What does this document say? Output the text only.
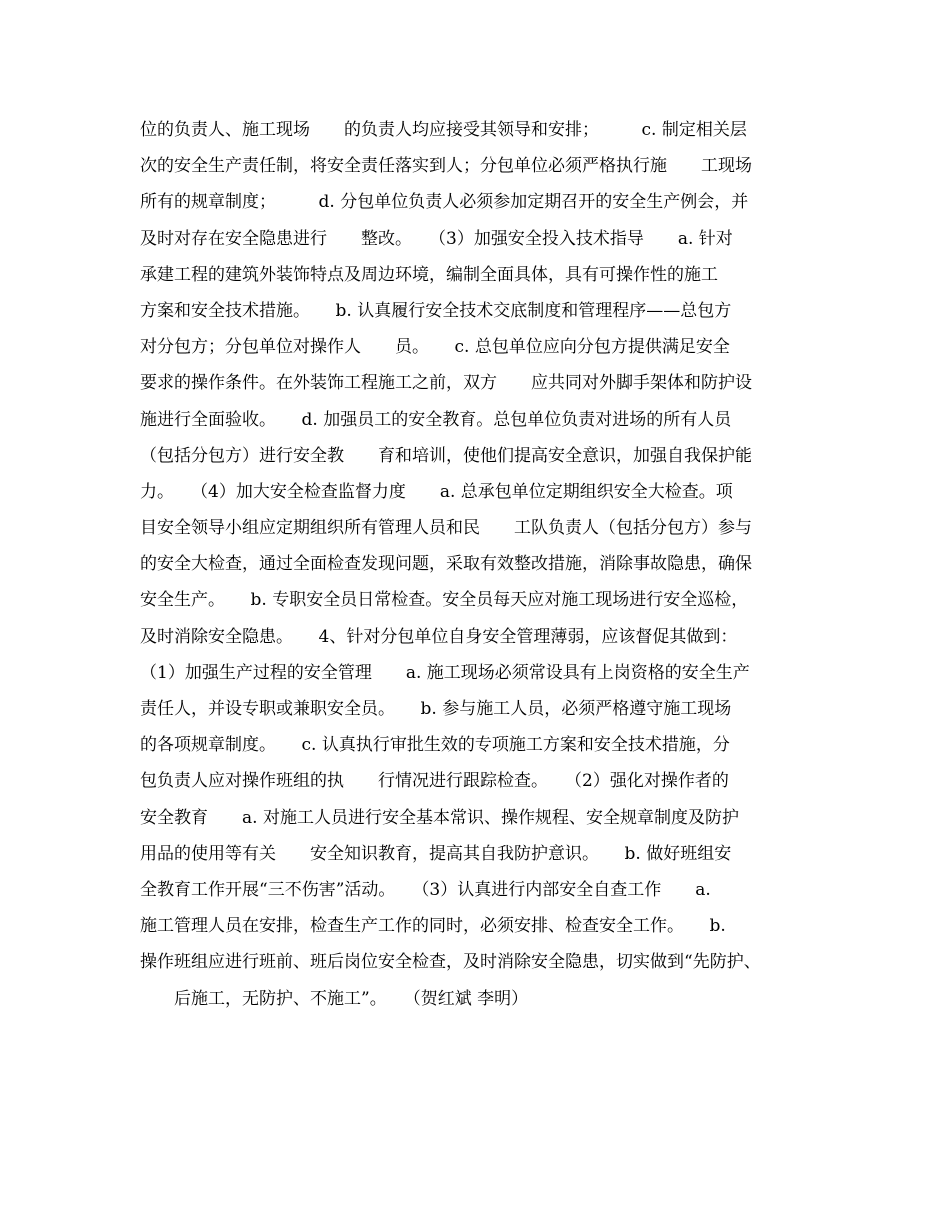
位的负责人、施工现场　　的负责人均应接受其领导和安排；　　　c. 制定相关层
次的安全生产责任制，将安全责任落实到人；分包单位必须严格执行施　　工现场
所有的规章制度；　　　d. 分包单位负责人必须参加定期召开的安全生产例会，并
及时对存在安全隐患进行　　整改。　　（3）加强安全投入技术指导　　a. 针对
承建工程的建筑外装饰特点及周边环境，编制全面具体，具有可操作性的施工
方案和安全技术措施。　　b. 认真履行安全技术交底制度和管理程序——总包方
对分包方；分包单位对操作人　　员。　　c. 总包单位应向分包方提供满足安全
要求的操作条件。在外装饰工程施工之前，双方　　应共同对外脚手架体和防护设
施进行全面验收。　　d. 加强员工的安全教育。总包单位负责对进场的所有人员
（包括分包方）进行安全教　　育和培训，使他们提高安全意识，加强自我保护能
力。　　（4）加大安全检查监督力度　　a. 总承包单位定期组织安全大检查。项
目安全领导小组应定期组织所有管理人员和民　　工队负责人（包括分包方）参与
的安全大检查，通过全面检查发现问题，采取有效整改措施，消除事故隐患，确保
安全生产。　　b. 专职安全员日常检查。安全员每天应对施工现场进行安全巡检，
及时消除安全隐患。　　4、针对分包单位自身安全管理薄弱，应该督促其做到：
（1）加强生产过程的安全管理　　a. 施工现场必须常设具有上岗资格的安全生产
责任人，并设专职或兼职安全员。　　b. 参与施工人员，必须严格遵守施工现场
的各项规章制度。　　c. 认真执行审批生效的专项施工方案和安全技术措施，分
包负责人应对操作班组的执　　行情况进行跟踪检查。　　（2）强化对操作者的
安全教育　　a. 对施工人员进行安全基本常识、操作规程、安全规章制度及防护
用品的使用等有关　　安全知识教育，提高其自我防护意识。　　b. 做好班组安
全教育工作开展“三不伤害”活动。　　（3）认真进行内部安全自查工作　　a.
施工管理人员在安排，检查生产工作的同时，必须安排、检查安全工作。　　b.
操作班组应进行班前、班后岗位安全检查，及时消除安全隐患，切实做到“先防护、
　　后施工，无防护、不施工”。　　（贺红斌 李明）
